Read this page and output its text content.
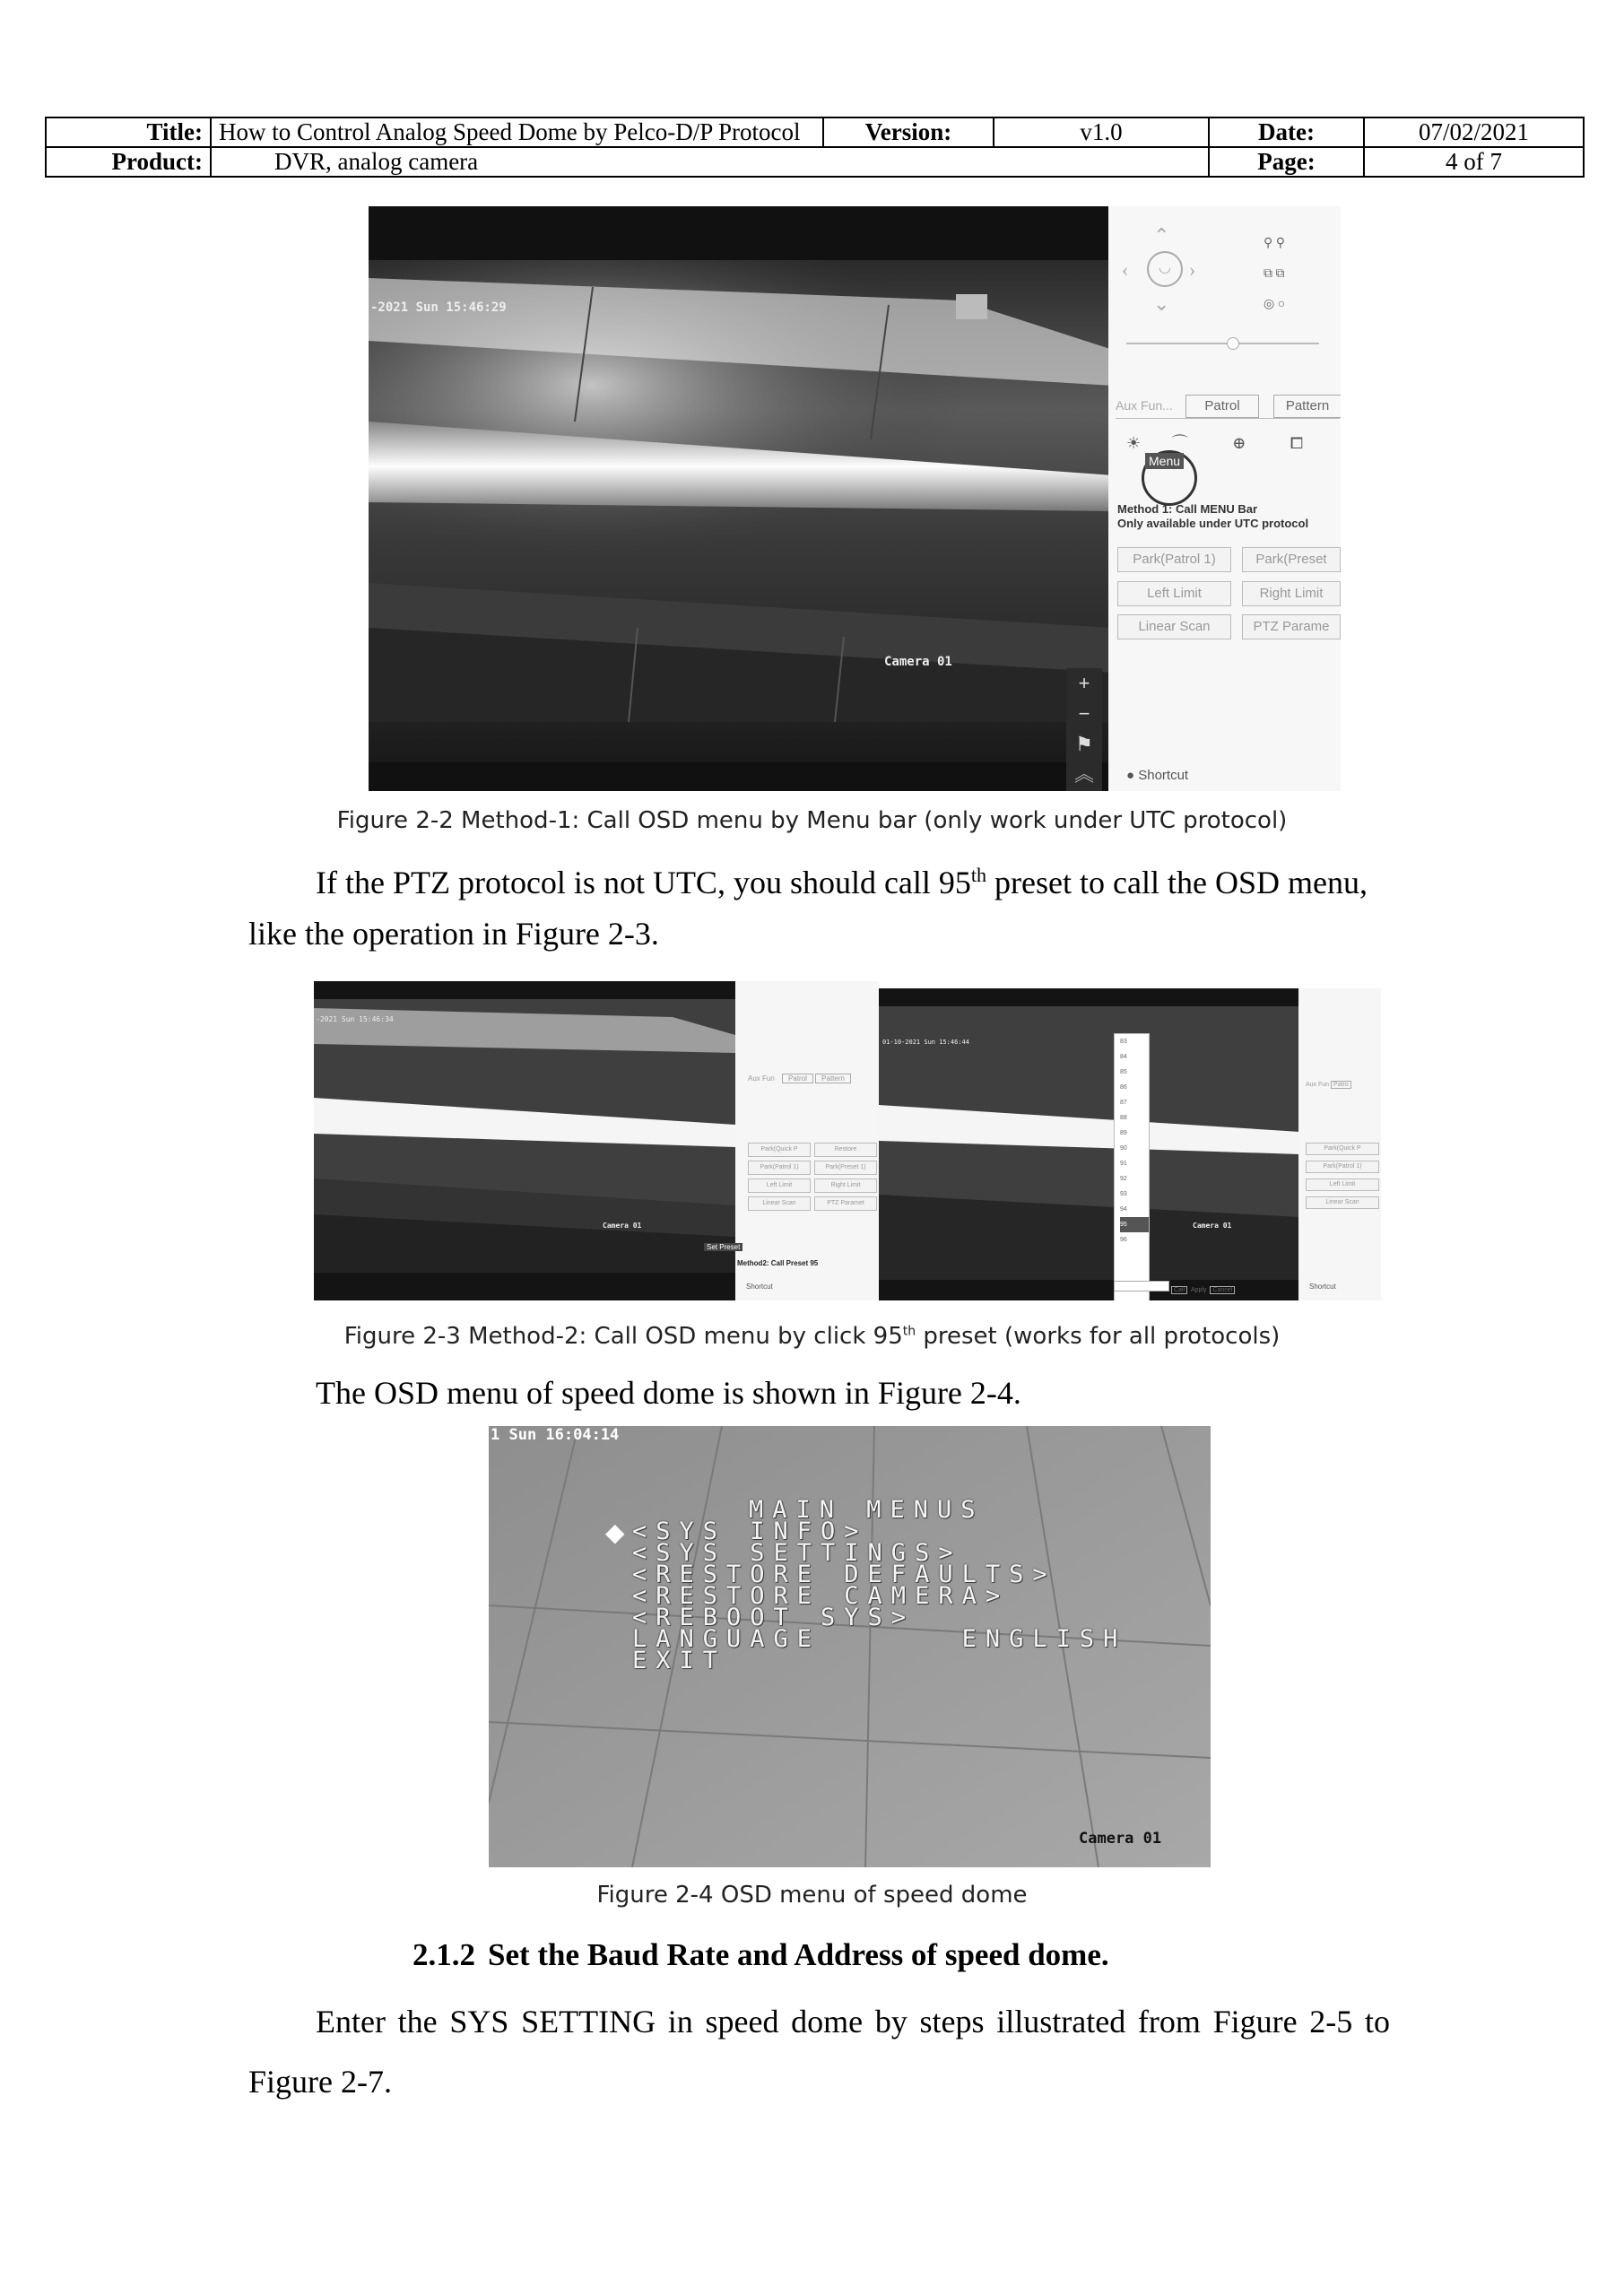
Title:	How to Control Analog Speed Dome by Pelco-D/P Protocol	Version:	v1.0	Date:	07/02/2021
Product:	DVR, analog camera			Page:	4 of 7
-2021 Sun 15:46:29
Camera 01
+
−
⚑
︽
⌃
‹	◡ ›
⌄
⚲ ⚲
⧉ ⧉
◎ ○
Aux Fun...	Patrol	Pattern
☀ ⌒	⊕	⧠
Menu
Method 1: Call MENU Bar
Only available under UTC protocol
Park(Patrol 1)	Park(Preset
Left Limit	Right Limit
Linear Scan	PTZ Parame
● Shortcut
Figure 2-2 Method-1: Call OSD menu by Menu bar (only work under UTC protocol)
If the PTZ protocol is not UTC, you should call 95th preset to call the OSD menu,
like the operation in Figure 2-3.
-2021 Sun 15:46:34
Camera 01
Aux Fun Patrol Pattern
Park(Quick P	Restore
Park(Patrol 1)	Park(Preset 1)
Left Limit	Right Limit
Linear Scan	PTZ Paramet
Set Preset
Method2: Call Preset 95
Shortcut
01-10-2021 Sun 15:46:44
Camera 01
83
84
85
86
87
88
89
90
91
92
93
94
95
96
Call Apply Cancel
Aux Fun Patro
Park(Quick P
Park(Patrol 1)
Left Limit
Linear Scan
Shortcut
Figure 2-3 Method-2: Call OSD menu by click 95th preset (works for all protocols)
The OSD menu of speed dome is shown in Figure 2-4.
1 Sun 16:04:14
◆
MAIN MENUS
<SYS INFO>
<SYS SETTINGS>
<RESTORE DEFAULTS>
<RESTORE CAMERA>
<REBOOT SYS>
LANGUAGE      ENGLISH
EXIT
Camera 01
Figure 2-4 OSD menu of speed dome
2.1.2 Set the Baud Rate and Address of speed dome.
Enter the SYS SETTING in speed dome by steps illustrated from Figure 2-5 to
Figure 2-7.
